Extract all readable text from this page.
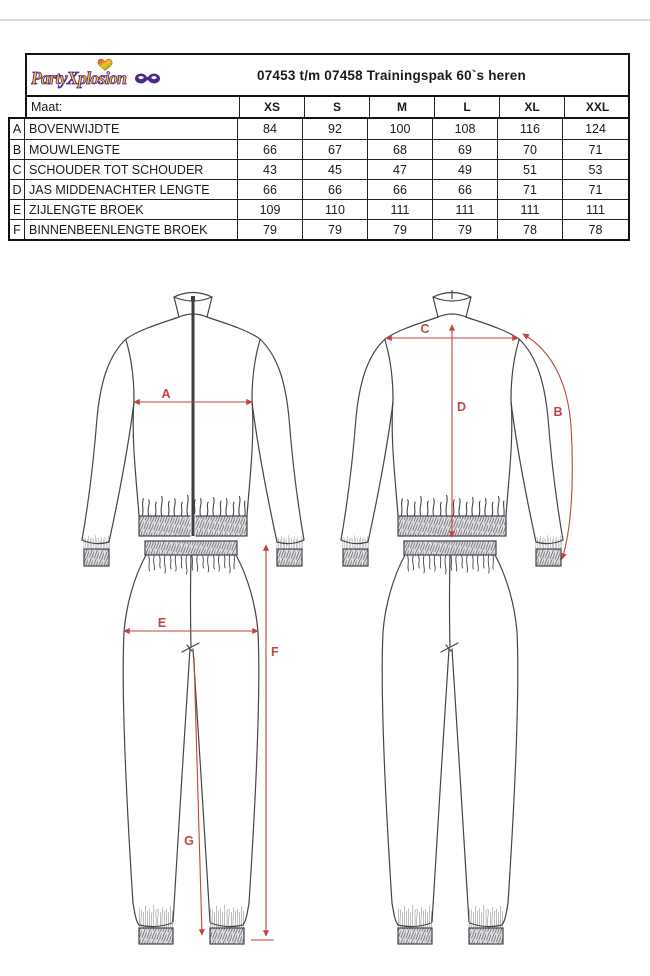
PartyXplosion	07453 t/m 07458 Trainingspak 60`s heren
Maat:	XS	S	M	L	XL	XXL
A BOVENWIJDTE	84	92	100	108	116	124
B MOUWLENGTE	66	67	68	69	70	71
C SCHOUDER TOT SCHOUDER	43	45	47	49	51	53
D JAS MIDDENACHTER LENGTE	66	66	66	66	71	71
E ZIJLENGTE BROEK	109	110	111	111	111	111
F BINNENBEENLENGTE BROEK	79	79	79	79	78	78
A
E
F
G
C
D	B
